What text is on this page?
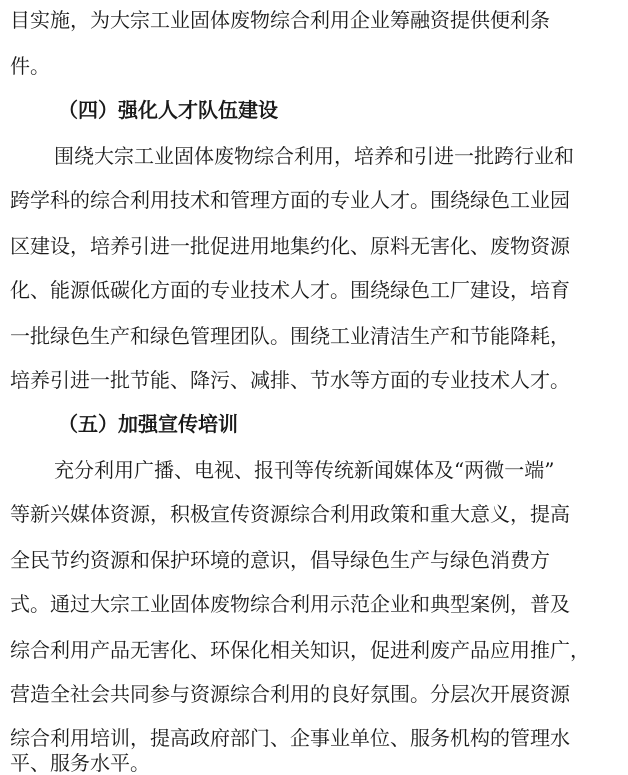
目实施，为大宗工业固体废物综合利用企业筹融资提供便利条
件。
（四）强化人才队伍建设
围绕大宗工业固体废物综合利用，培养和引进一批跨行业和
跨学科的综合利用技术和管理方面的专业人才。围绕绿色工业园
区建设，培养引进一批促进用地集约化、原料无害化、废物资源
化、能源低碳化方面的专业技术人才。围绕绿色工厂建设，培育
一批绿色生产和绿色管理团队。围绕工业清洁生产和节能降耗，
培养引进一批节能、降污、减排、节水等方面的专业技术人才。
（五）加强宣传培训
充分利用广播、电视、报刊等传统新闻媒体及“两微一端”
等新兴媒体资源，积极宣传资源综合利用政策和重大意义，提高
全民节约资源和保护环境的意识，倡导绿色生产与绿色消费方
式。通过大宗工业固体废物综合利用示范企业和典型案例，普及
综合利用产品无害化、环保化相关知识，促进利废产品应用推广，
营造全社会共同参与资源综合利用的良好氛围。分层次开展资源
综合利用培训，提高政府部门、企事业单位、服务机构的管理水
平、服务水平。
